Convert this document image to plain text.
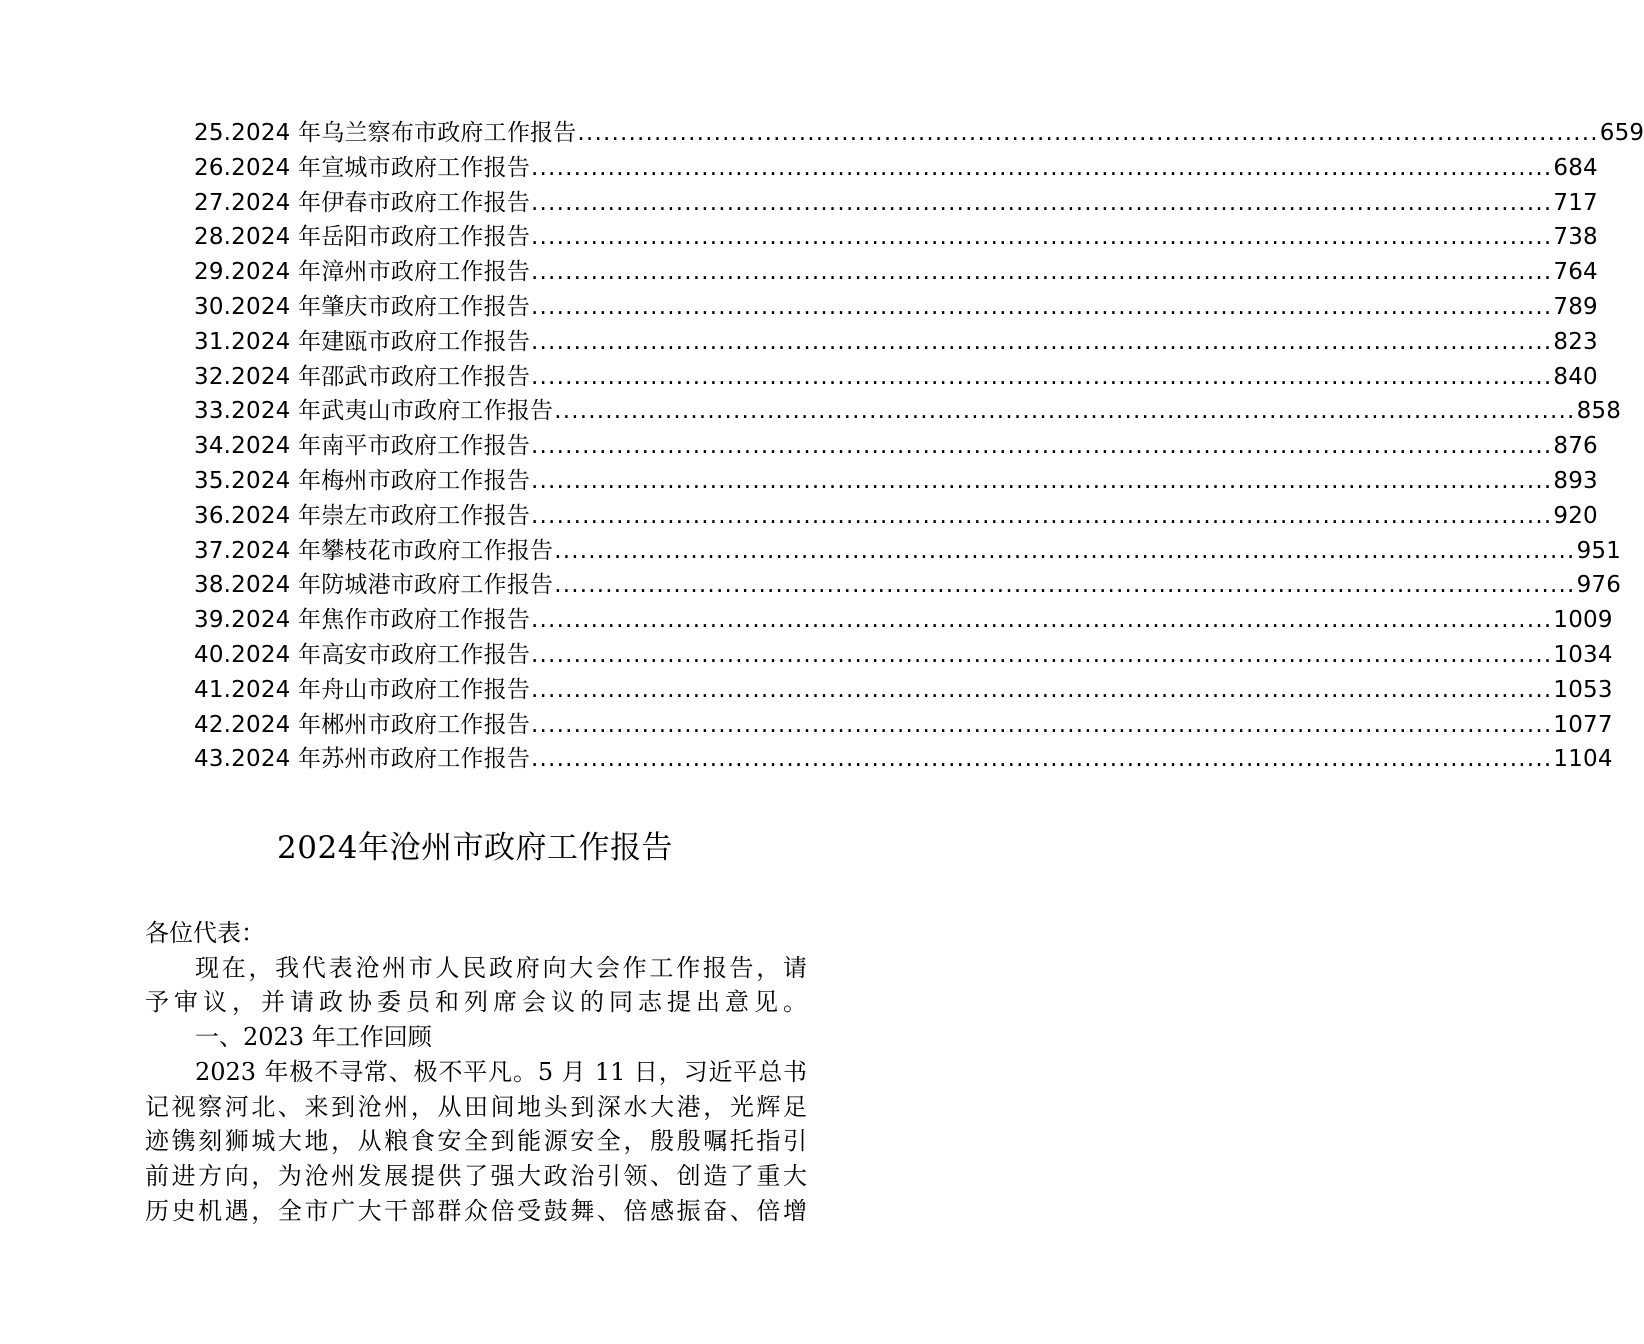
25.2024 年乌兰察布市政府工作报告 ........................................................................................................................ 659
26.2024 年宣城市政府工作报告 ........................................................................................................................ 684
27.2024 年伊春市政府工作报告 ........................................................................................................................ 717
28.2024 年岳阳市政府工作报告 ........................................................................................................................ 738
29.2024 年漳州市政府工作报告 ........................................................................................................................ 764
30.2024 年肇庆市政府工作报告 ........................................................................................................................ 789
31.2024 年建瓯市政府工作报告 ........................................................................................................................ 823
32.2024 年邵武市政府工作报告 ........................................................................................................................ 840
33.2024 年武夷山市政府工作报告 ........................................................................................................................ 858
34.2024 年南平市政府工作报告 ........................................................................................................................ 876
35.2024 年梅州市政府工作报告 ........................................................................................................................ 893
36.2024 年崇左市政府工作报告 ........................................................................................................................ 920
37.2024 年攀枝花市政府工作报告 ........................................................................................................................ 951
38.2024 年防城港市政府工作报告 ........................................................................................................................ 976
39.2024 年焦作市政府工作报告 ........................................................................................................................ 1009
40.2024 年高安市政府工作报告 ........................................................................................................................ 1034
41.2024 年舟山市政府工作报告 ........................................................................................................................ 1053
42.2024 年郴州市政府工作报告 ........................................................................................................................ 1077
43.2024 年苏州市政府工作报告 ........................................................................................................................ 1104
2024年沧州市政府工作报告

各位代表：

现在，我代表沧州市人民政府向大会作工作报告，请

予审议，并请政协委员和列席会议的同志提出意见。

一、2023 年工作回顾

2023 年极不寻常、极不平凡。5 月 11 日，习近平总书

记视察河北、来到沧州，从田间地头到深水大港，光辉足

迹镌刻狮城大地，从粮食安全到能源安全，殷殷嘱托指引

前进方向，为沧州发展提供了强大政治引领、创造了重大

历史机遇，全市广大干部群众倍受鼓舞、倍感振奋、倍增
